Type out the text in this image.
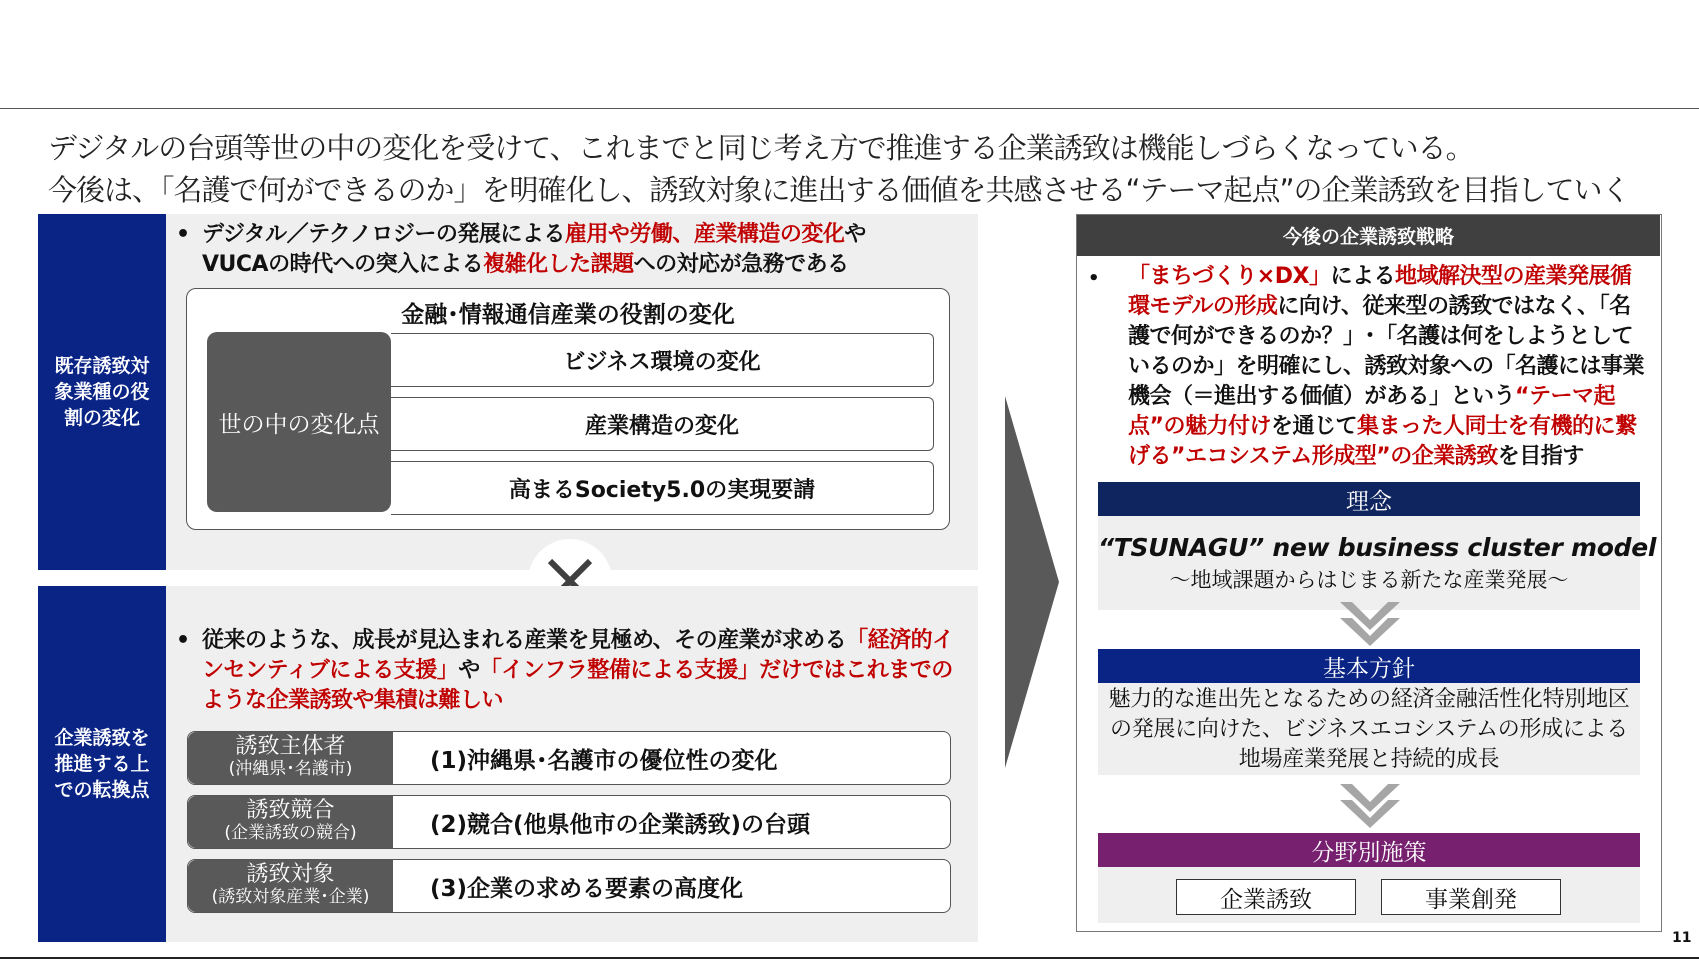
デジタルの台頭等世の中の変化を受けて、これまでと同じ考え方で推進する企業誘致は機能しづらくなっている。
今後は、「名護で何ができるのか」を明確化し、誘致対象に進出する価値を共感させる“テーマ起点”の企業誘致を目指していく
既存誘致対象業種の役割の変化
• デジタル／テクノロジーの発展による雇用や労働、産業構造の変化や
VUCAの時代への突入による複雑化した課題への対応が急務である
金融･情報通信産業の役割の変化
世の中の変化点
ビジネス環境の変化
産業構造の変化
高まるSociety5.0の実現要請
企業誘致を推進する上での転換点
• 従来のような、成長が見込まれる産業を見極め、その産業が求める「経済的インセンティブによる支援」や「インフラ整備による支援」だけではこれまでのような企業誘致や集積は難しい
誘致主体者
(沖縄県･名護市)	(1)沖縄県･名護市の優位性の変化
誘致競合
(企業誘致の競合)	(2)競合(他県他市の企業誘致)の台頭
誘致対象
(誘致対象産業･企業)	(3)企業の求める要素の高度化
今後の企業誘致戦略
• 「まちづくり×DX」による地域解決型の産業発展循環モデルの形成に向け、従来型の誘致ではなく、「名護で何ができるのか？」･「名護は何をしようとしているのか」を明確にし、誘致対象への「名護には事業機会（＝進出する価値）がある」という“テーマ起点”の魅力付けを通じて集まった人同士を有機的に繋げる”エコシステム形成型”の企業誘致を目指す
理念
“TSUNAGU” new business cluster model
～地域課題からはじまる新たな産業発展～
基本方針
魅力的な進出先となるための経済金融活性化特別地区の発展に向けた、ビジネスエコシステムの形成による地場産業発展と持続的成長
分野別施策
企業誘致	事業創発
11
